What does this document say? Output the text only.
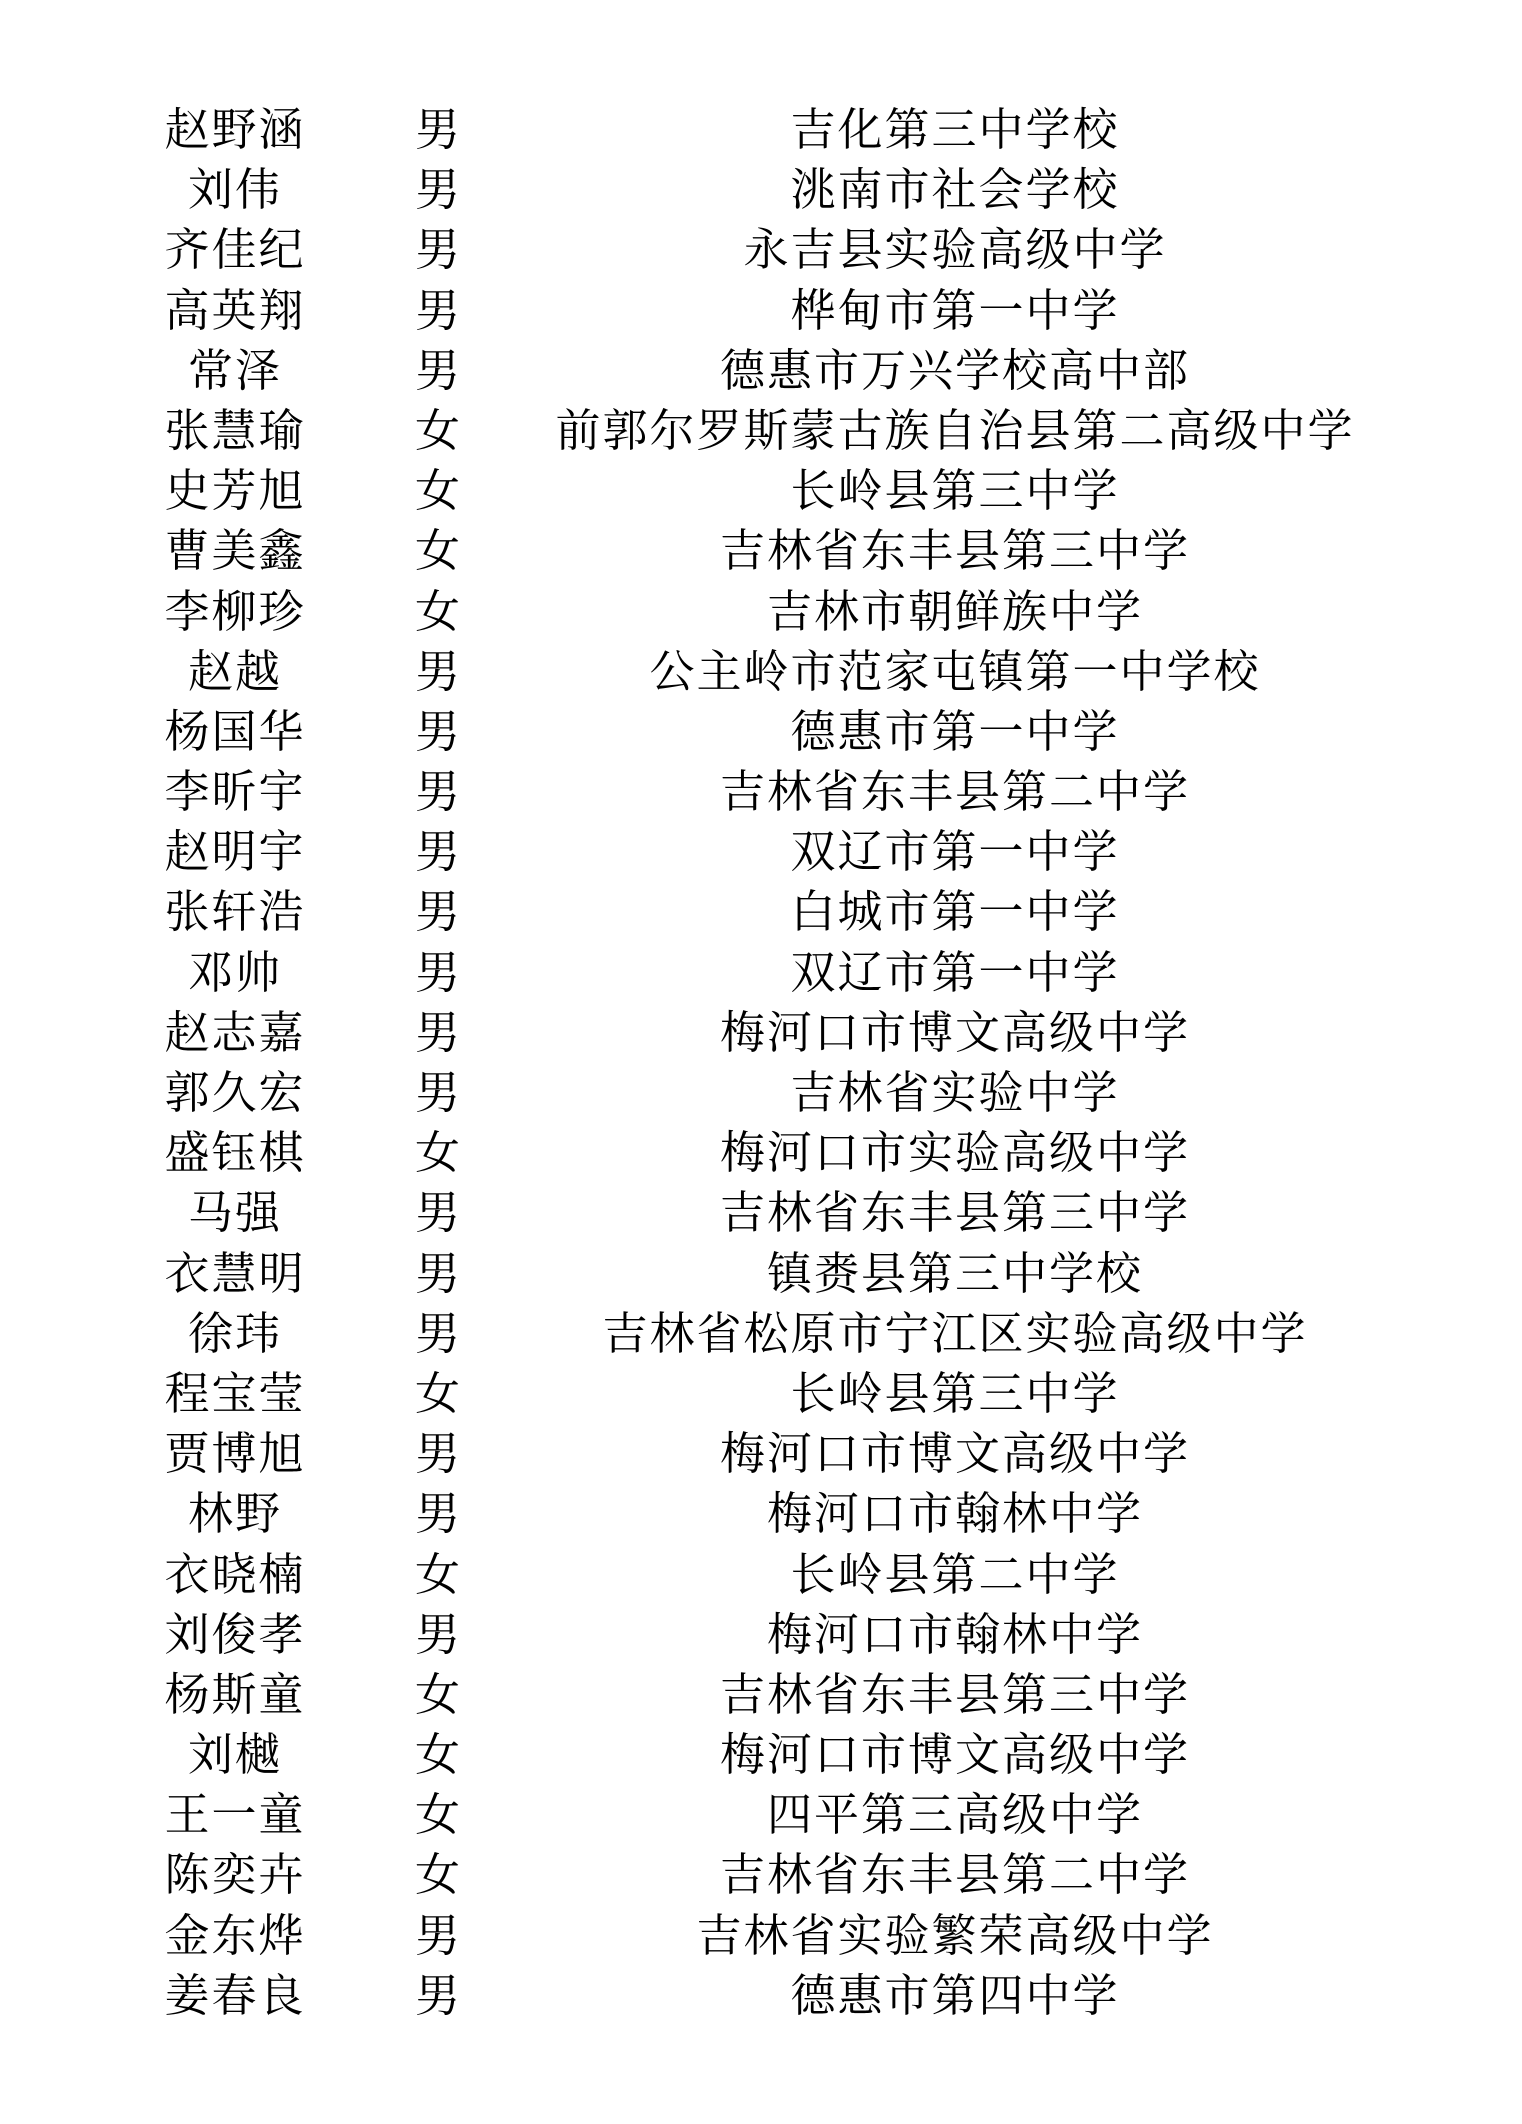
赵野涵	男	吉化第三中学校
刘伟	男	洮南市社会学校
齐佳纪	男	永吉县实验高级中学
高英翔	男	桦甸市第一中学
常泽	男	德惠市万兴学校高中部
张慧瑜	女	前郭尔罗斯蒙古族自治县第二高级中学
史芳旭	女	长岭县第三中学
曹美鑫	女	吉林省东丰县第三中学
李柳珍	女	吉林市朝鲜族中学
赵越	男	公主岭市范家屯镇第一中学校
杨国华	男	德惠市第一中学
李昕宇	男	吉林省东丰县第二中学
赵明宇	男	双辽市第一中学
张轩浩	男	白城市第一中学
邓帅	男	双辽市第一中学
赵志嘉	男	梅河口市博文高级中学
郭久宏	男	吉林省实验中学
盛钰棋	女	梅河口市实验高级中学
马强	男	吉林省东丰县第三中学
衣慧明	男	镇赉县第三中学校
徐玮	男	吉林省松原市宁江区实验高级中学
程宝莹	女	长岭县第三中学
贾博旭	男	梅河口市博文高级中学
林野	男	梅河口市翰林中学
衣晓楠	女	长岭县第二中学
刘俊孝	男	梅河口市翰林中学
杨斯童	女	吉林省东丰县第三中学
刘樾	女	梅河口市博文高级中学
王一童	女	四平第三高级中学
陈奕卉	女	吉林省东丰县第二中学
金东烨	男	吉林省实验繁荣高级中学
姜春良	男	德惠市第四中学
